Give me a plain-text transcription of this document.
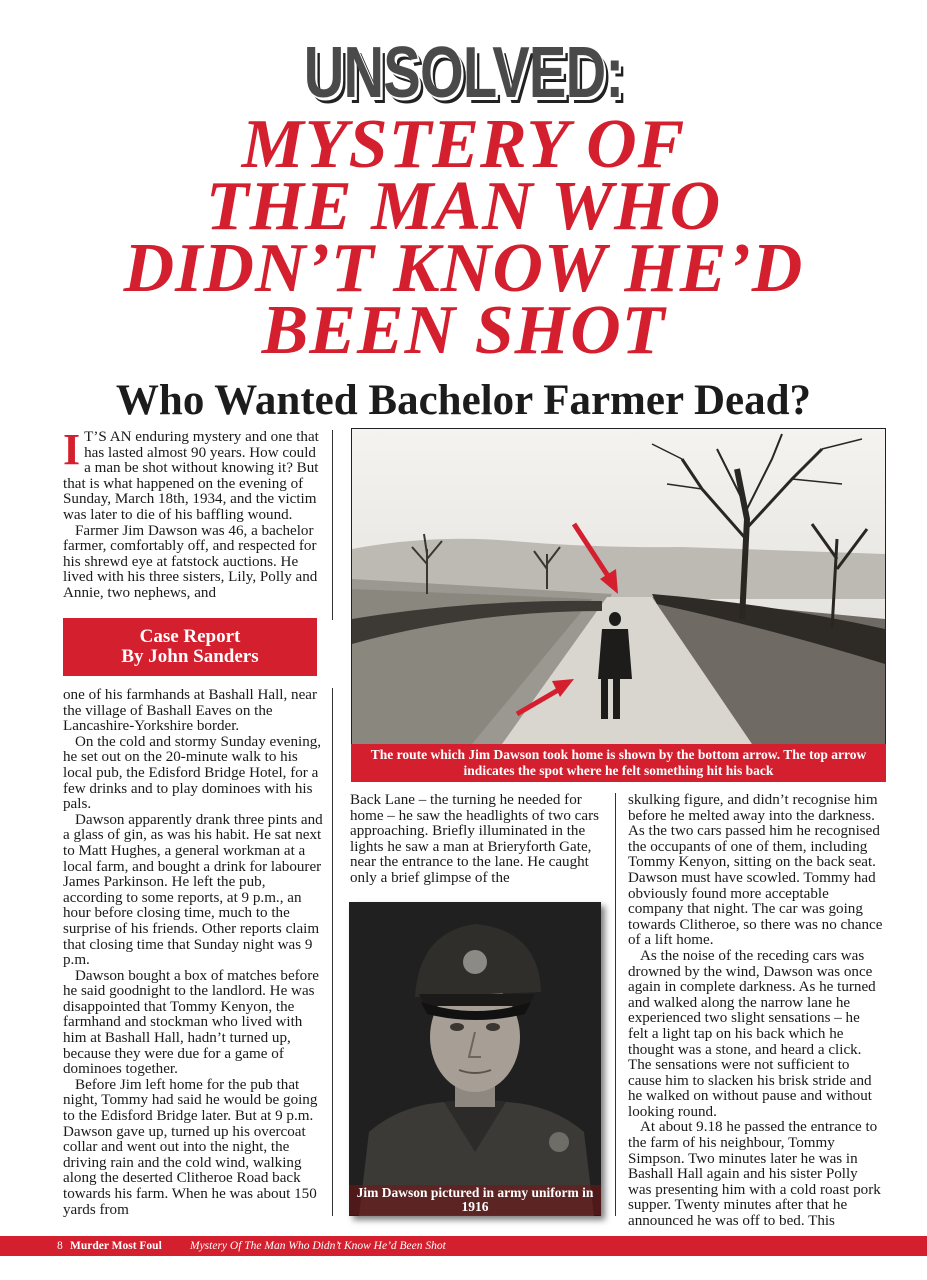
UNSOLVED:
MYSTERY OF
THE MAN WHO
DIDN’T KNOW HE’D
BEEN SHOT
Who Wanted Bachelor Farmer Dead?

I T’S AN enduring mystery and one that has lasted almost 90 years. How could a man be shot without knowing it? But that is what happened on the evening of Sunday, March 18th, 1934, and the victim was later to die of his baffling wound.

Farmer Jim Dawson was 46, a bachelor farmer, comfortably off, and respected for his shrewd eye at fatstock auctions. He lived with his three sisters, Lily, Polly and Annie, two nephews, and

Case Report
By John Sanders

one of his farmhands at Bashall Hall, near the village of Bashall Eaves on the Lancashire-Yorkshire border.

On the cold and stormy Sunday evening, he set out on the 20-minute walk to his local pub, the Edisford Bridge Hotel, for a few drinks and to play dominoes with his pals.

Dawson apparently drank three pints and a glass of gin, as was his habit. He sat next to Matt Hughes, a general workman at a local farm, and bought a drink for labourer James Parkinson. He left the pub, according to some reports, at 9 p.m., an hour before closing time, much to the surprise of his friends. Other reports claim that closing time that Sunday night was 9 p.m.

Dawson bought a box of matches before he said goodnight to the landlord. He was disappointed that Tommy Kenyon, the farmhand and stockman who lived with him at Bashall Hall, hadn’t turned up, because they were due for a game of dominoes together.

Before Jim left home for the pub that night, Tommy had said he would be going to the Edisford Bridge later. But at 9 p.m. Dawson gave up, turned up his overcoat collar and went out into the night, the driving rain and the cold wind, walking along the deserted Clitheroe Road back towards his farm. When he was about 150 yards from

The route which Jim Dawson took home is shown by the bottom arrow. The top arrow indicates the spot where he felt something hit his back

Back Lane – the turning he needed for home – he saw the headlights of two cars approaching. Briefly illuminated in the lights he saw a man at Brieryforth Gate, near the entrance to the lane. He caught only a brief glimpse of the

Jim Dawson pictured in army uniform in 1916

skulking figure, and didn’t recognise him before he melted away into the darkness. As the two cars passed him he recognised the occupants of one of them, including Tommy Kenyon, sitting on the back seat. Dawson must have scowled. Tommy had obviously found more acceptable company that night. The car was going towards Clitheroe, so there was no chance of a lift home.

As the noise of the receding cars was drowned by the wind, Dawson was once again in complete darkness. As he turned and walked along the narrow lane he experienced two slight sensations – he felt a light tap on his back which he thought was a stone, and heard a click. The sensations were not sufficient to cause him to slacken his brisk stride and he walked on without pause and without looking round.

At about 9.18 he passed the entrance to the farm of his neighbour, Tommy Simpson. Two minutes later he was in Bashall Hall again and his sister Polly was presenting him with a cold roast pork supper. Twenty minutes after that he announced he was off to bed. This

8 Murder Most Foul Mystery Of The Man Who Didn’t Know He’d Been Shot
